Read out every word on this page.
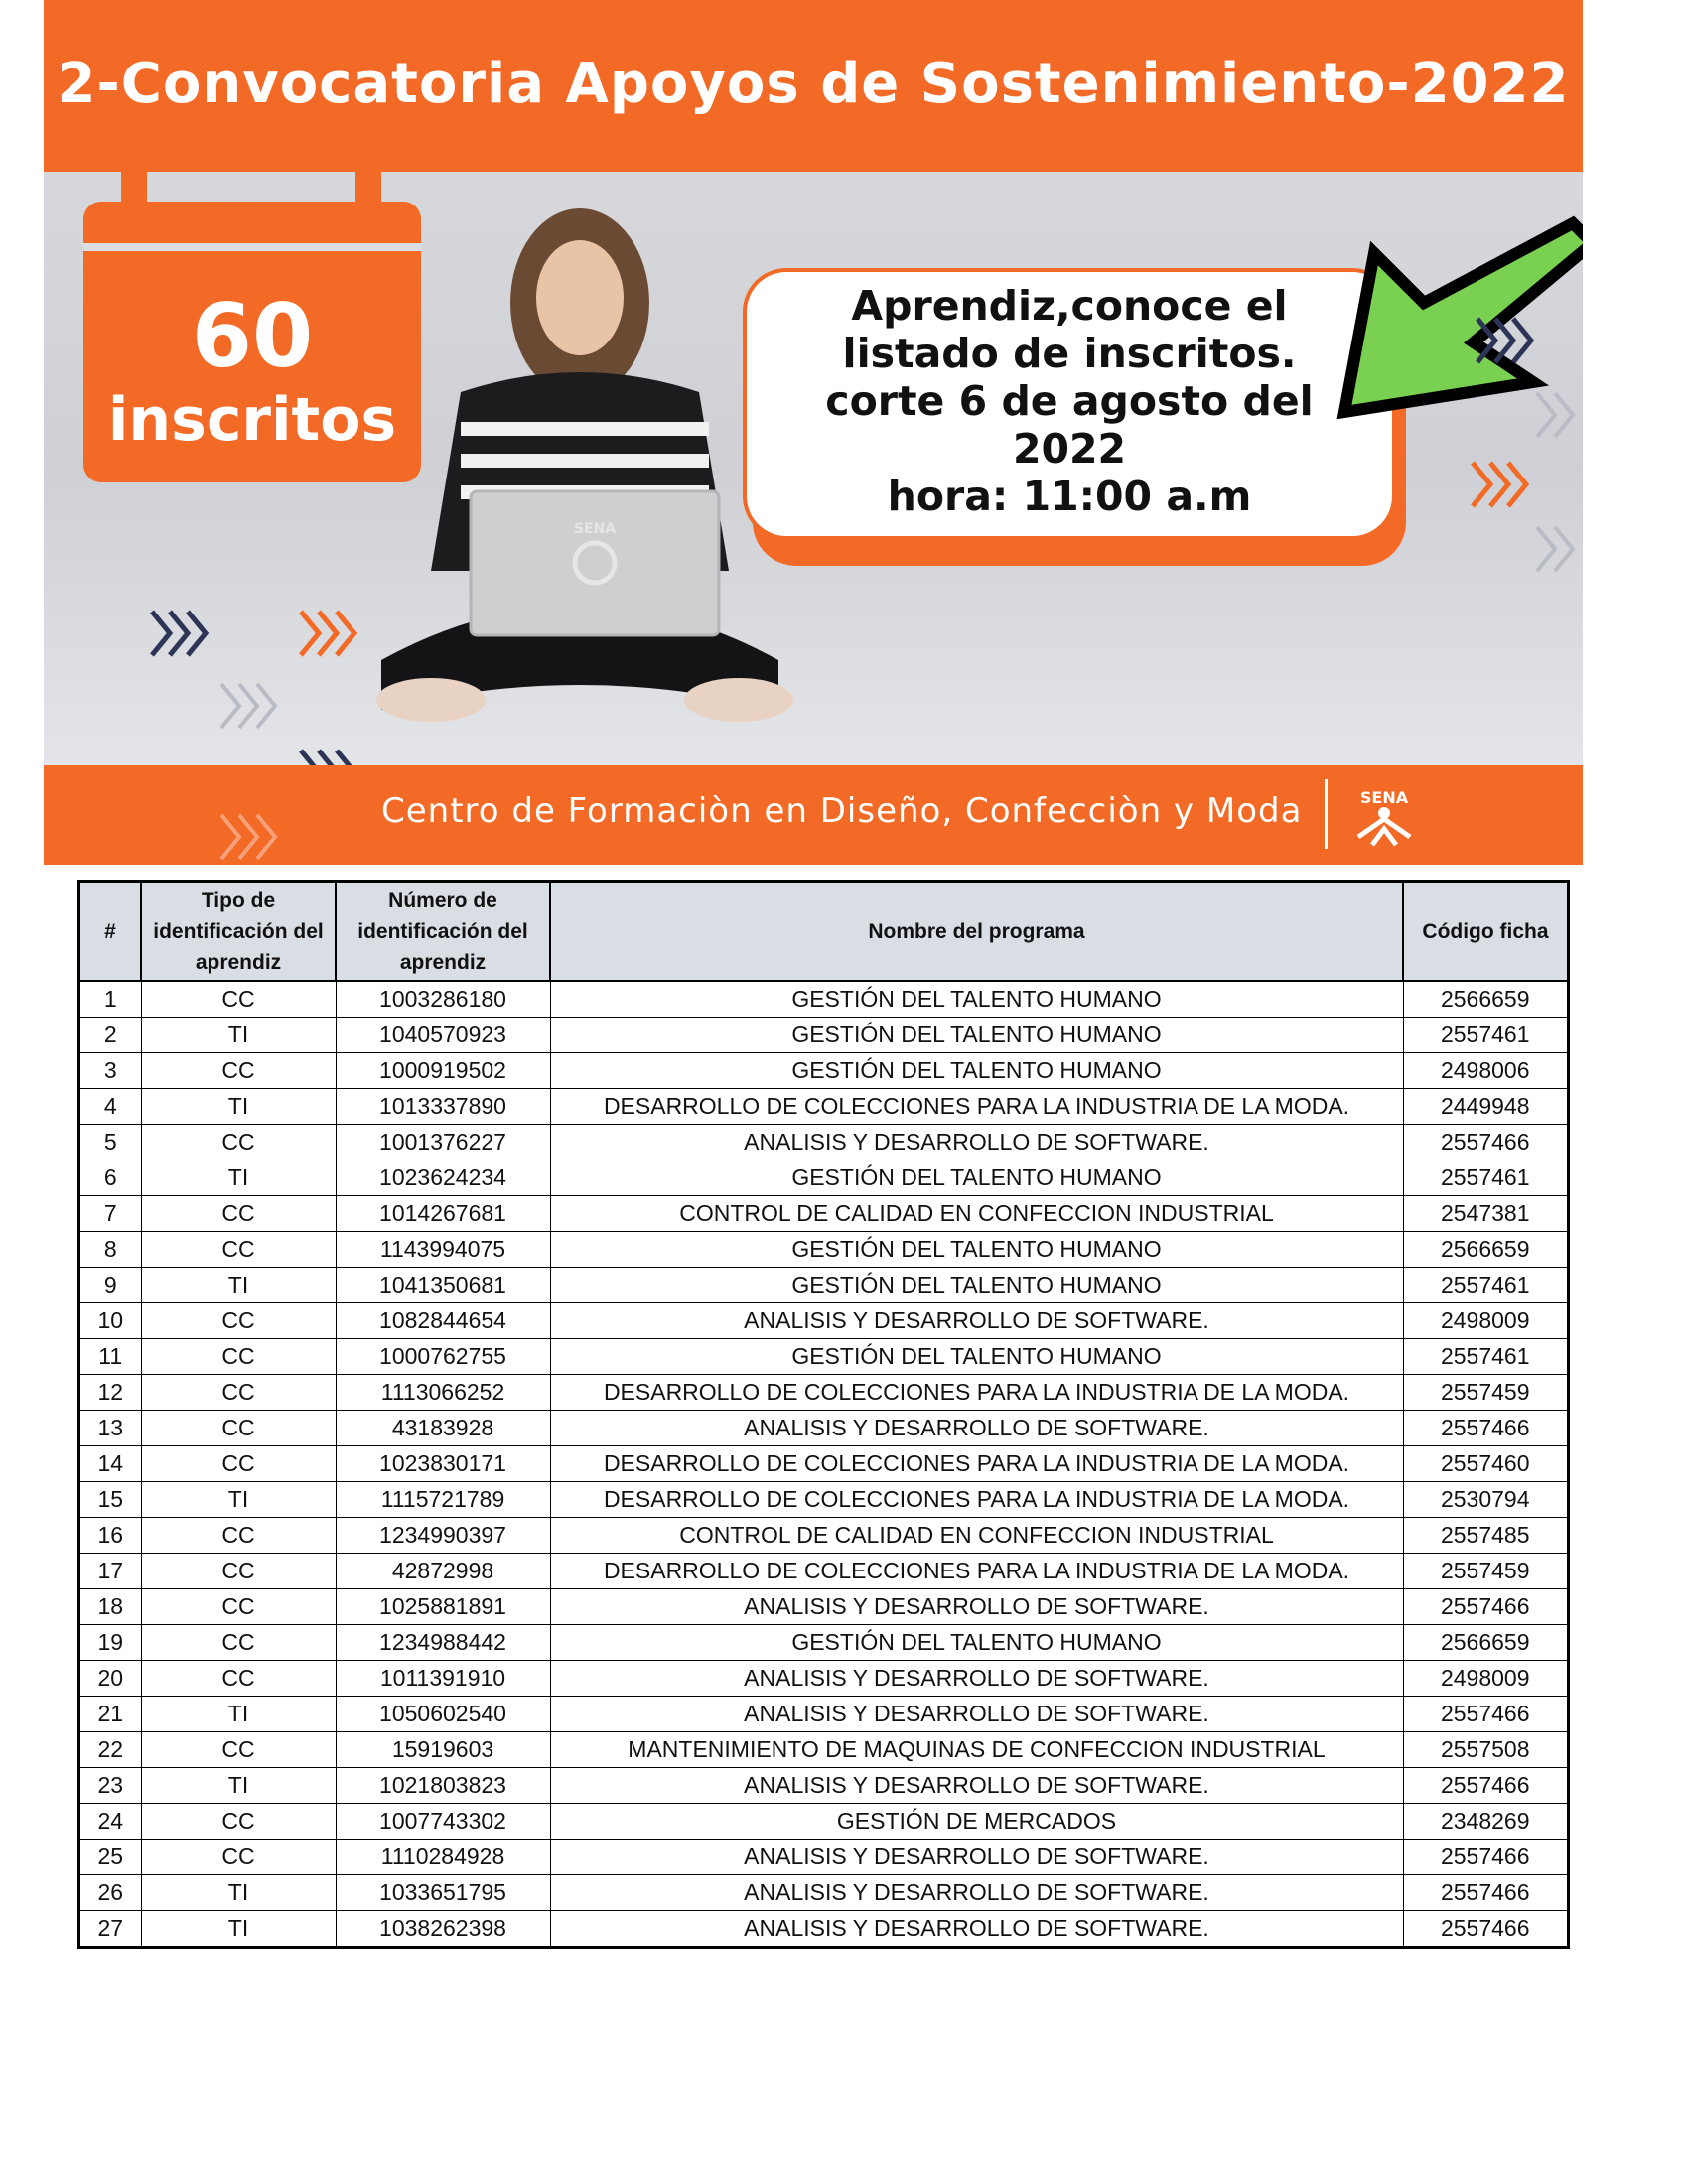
2-Convocatoria Apoyos de Sostenimiento-2022
60
inscritos
SENA
Aprendiz,conoce el
listado de inscritos.
corte 6 de agosto del
2022
hora: 11:00 a.m
Centro de Formaciòn en Diseño, Confecciòn y Moda	SENA
#	Tipo de identificación del aprendiz	Número de identificación del aprendiz	Nombre del programa	Código ficha
1	CC	1003286180	GESTIÓN DEL TALENTO HUMANO	2566659
2	TI	1040570923	GESTIÓN DEL TALENTO HUMANO	2557461
3	CC	1000919502	GESTIÓN DEL TALENTO HUMANO	2498006
4	TI	1013337890	DESARROLLO DE COLECCIONES PARA LA INDUSTRIA DE LA MODA.	2449948
5	CC	1001376227	ANALISIS Y DESARROLLO DE SOFTWARE.	2557466
6	TI	1023624234	GESTIÓN DEL TALENTO HUMANO	2557461
7	CC	1014267681	CONTROL DE CALIDAD EN CONFECCION INDUSTRIAL	2547381
8	CC	1143994075	GESTIÓN DEL TALENTO HUMANO	2566659
9	TI	1041350681	GESTIÓN DEL TALENTO HUMANO	2557461
10	CC	1082844654	ANALISIS Y DESARROLLO DE SOFTWARE.	2498009
11	CC	1000762755	GESTIÓN DEL TALENTO HUMANO	2557461
12	CC	1113066252	DESARROLLO DE COLECCIONES PARA LA INDUSTRIA DE LA MODA.	2557459
13	CC	43183928	ANALISIS Y DESARROLLO DE SOFTWARE.	2557466
14	CC	1023830171	DESARROLLO DE COLECCIONES PARA LA INDUSTRIA DE LA MODA.	2557460
15	TI	1115721789	DESARROLLO DE COLECCIONES PARA LA INDUSTRIA DE LA MODA.	2530794
16	CC	1234990397	CONTROL DE CALIDAD EN CONFECCION INDUSTRIAL	2557485
17	CC	42872998	DESARROLLO DE COLECCIONES PARA LA INDUSTRIA DE LA MODA.	2557459
18	CC	1025881891	ANALISIS Y DESARROLLO DE SOFTWARE.	2557466
19	CC	1234988442	GESTIÓN DEL TALENTO HUMANO	2566659
20	CC	1011391910	ANALISIS Y DESARROLLO DE SOFTWARE.	2498009
21	TI	1050602540	ANALISIS Y DESARROLLO DE SOFTWARE.	2557466
22	CC	15919603	MANTENIMIENTO DE MAQUINAS DE CONFECCION INDUSTRIAL	2557508
23	TI	1021803823	ANALISIS Y DESARROLLO DE SOFTWARE.	2557466
24	CC	1007743302	GESTIÓN DE MERCADOS	2348269
25	CC	1110284928	ANALISIS Y DESARROLLO DE SOFTWARE.	2557466
26	TI	1033651795	ANALISIS Y DESARROLLO DE SOFTWARE.	2557466
27	TI	1038262398	ANALISIS Y DESARROLLO DE SOFTWARE.	2557466
